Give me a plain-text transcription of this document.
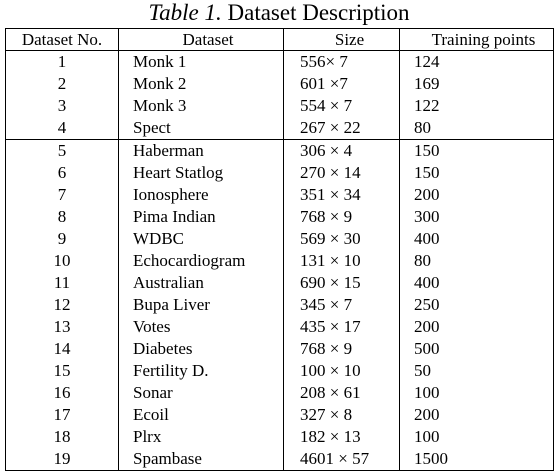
Table 1. Dataset Description
Dataset No.	Dataset	Size	Training points
1	Monk 1	556× 7	124
2	Monk 2	601 ×7	169
3	Monk 3	554 × 7	122
4	Spect	267 × 22	80
5	Haberman	306 × 4	150
6	Heart Statlog	270 × 14	150
7	Ionosphere	351 × 34	200
8	Pima Indian	768 × 9	300
9	WDBC	569 × 30	400
10	Echocardiogram	131 × 10	80
11	Australian	690 × 15	400
12	Bupa Liver	345 × 7	250
13	Votes	435 × 17	200
14	Diabetes	768 × 9	500
15	Fertility D.	100 × 10	50
16	Sonar	208 × 61	100
17	Ecoil	327 × 8	200
18	Plrx	182 × 13	100
19	Spambase	4601 × 57	1500
